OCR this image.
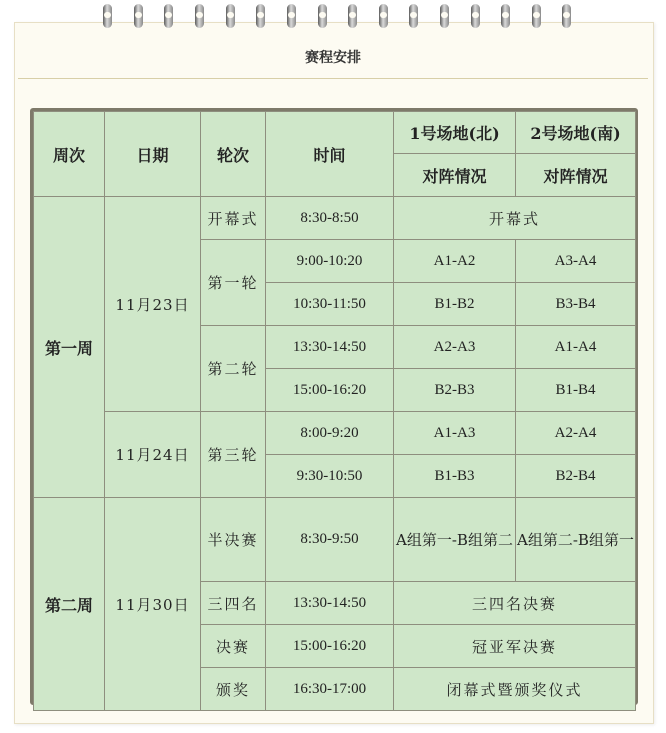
赛程安排
周次	日期	轮次	时间	1号场地(北)	2号场地(南)
				对阵情况	对阵情况
第一周	11月23日	开幕式	8:30-8:50	开幕式	
		第一轮	9:00-10:20	A1-A2	A3-A4
			10:30-11:50	B1-B2	B3-B4
		第二轮	13:30-14:50	A2-A3	A1-A4
			15:00-16:20	B2-B3	B1-B4
	11月24日	第三轮	8:00-9:20	A1-A3	A2-A4
			9:30-10:50	B1-B3	B2-B4
第二周	11月30日	半决赛	8:30-9:50	A组第一-B组第二	A组第二-B组第一
		三四名	13:30-14:50	三四名决赛	
		决赛	15:00-16:20	冠亚军决赛	
		颁奖	16:30-17:00	闭幕式暨颁奖仪式	
